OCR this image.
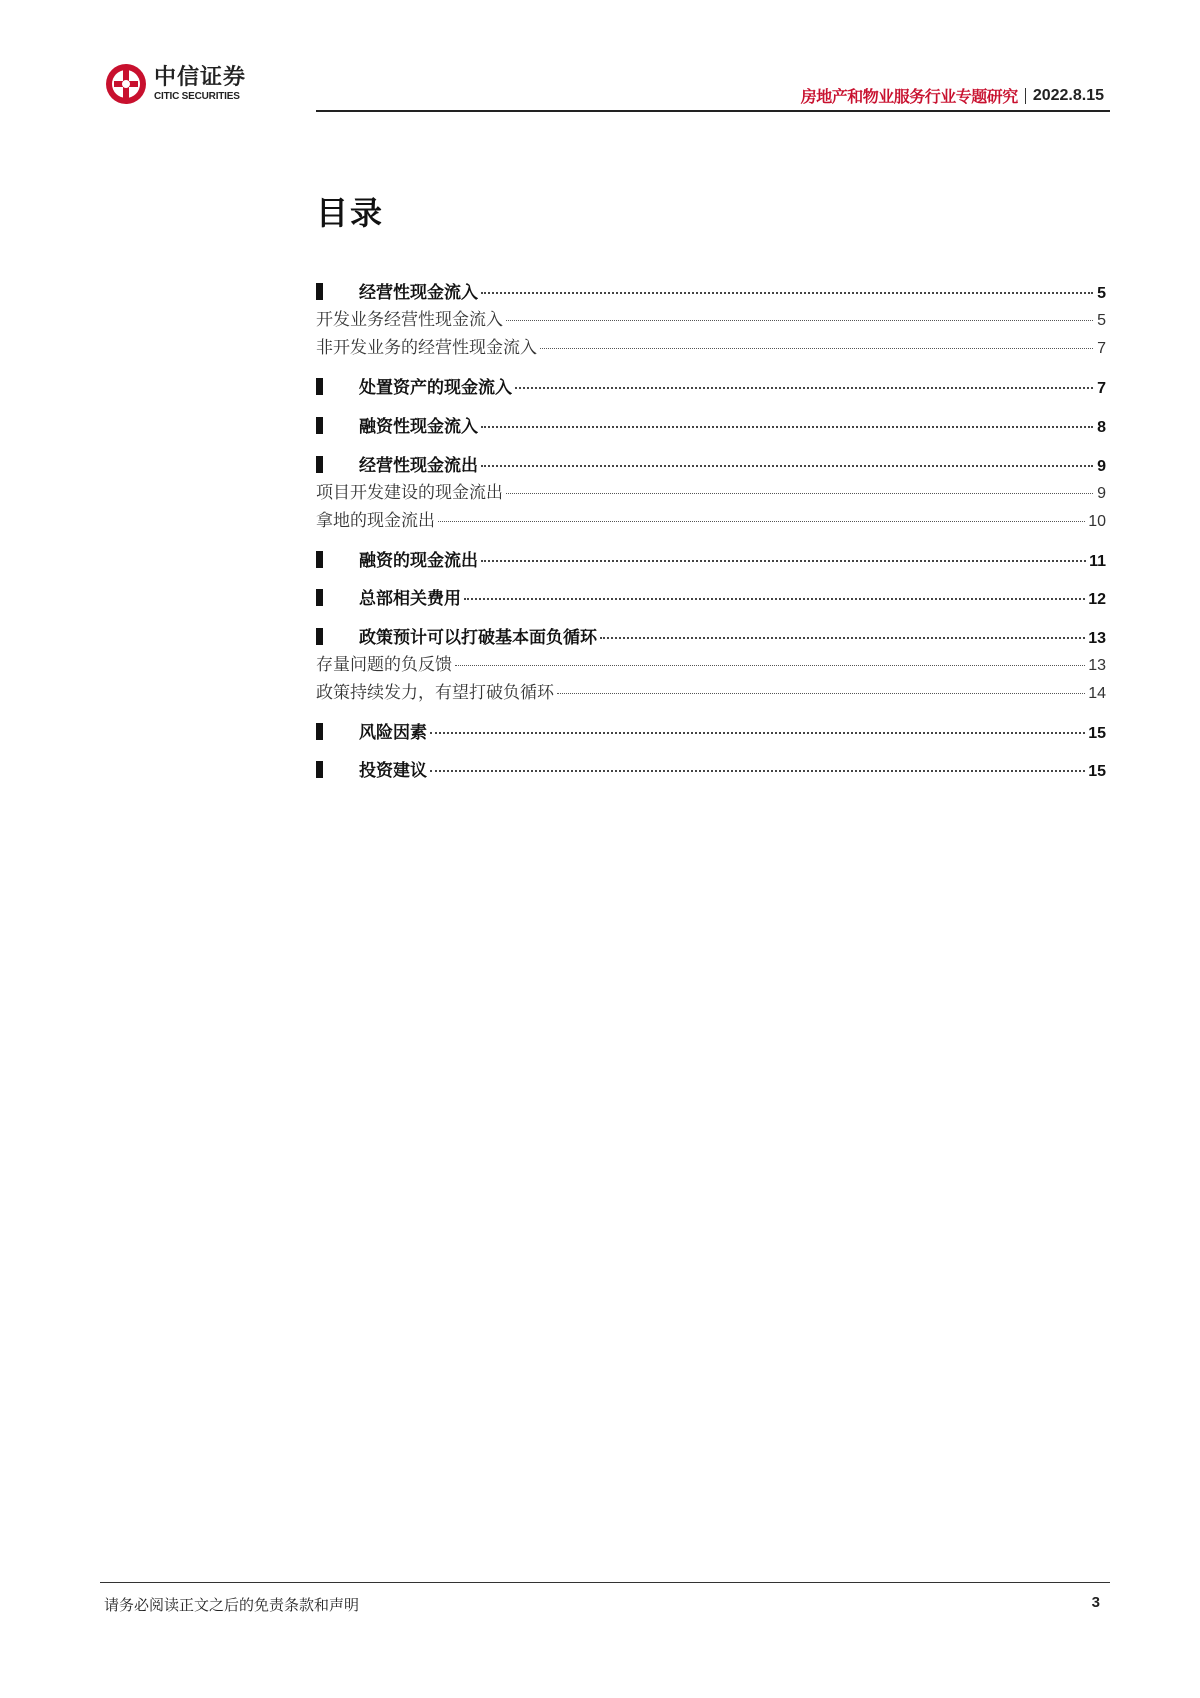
中信证券
CITIC SECURITIES	房地产和物业服务行业专题研究 2022.8.15
目录
经营性现金流入	5
开发业务经营性现金流入	5
非开发业务的经营性现金流入	7
处置资产的现金流入	7
融资性现金流入	8
经营性现金流出	9
项目开发建设的现金流出	9
拿地的现金流出	10
融资的现金流出	11
总部相关费用	12
政策预计可以打破基本面负循环	13
存量问题的负反馈	13
政策持续发力，有望打破负循环	14
风险因素	15
投资建议	15
请务必阅读正文之后的免责条款和声明	3
